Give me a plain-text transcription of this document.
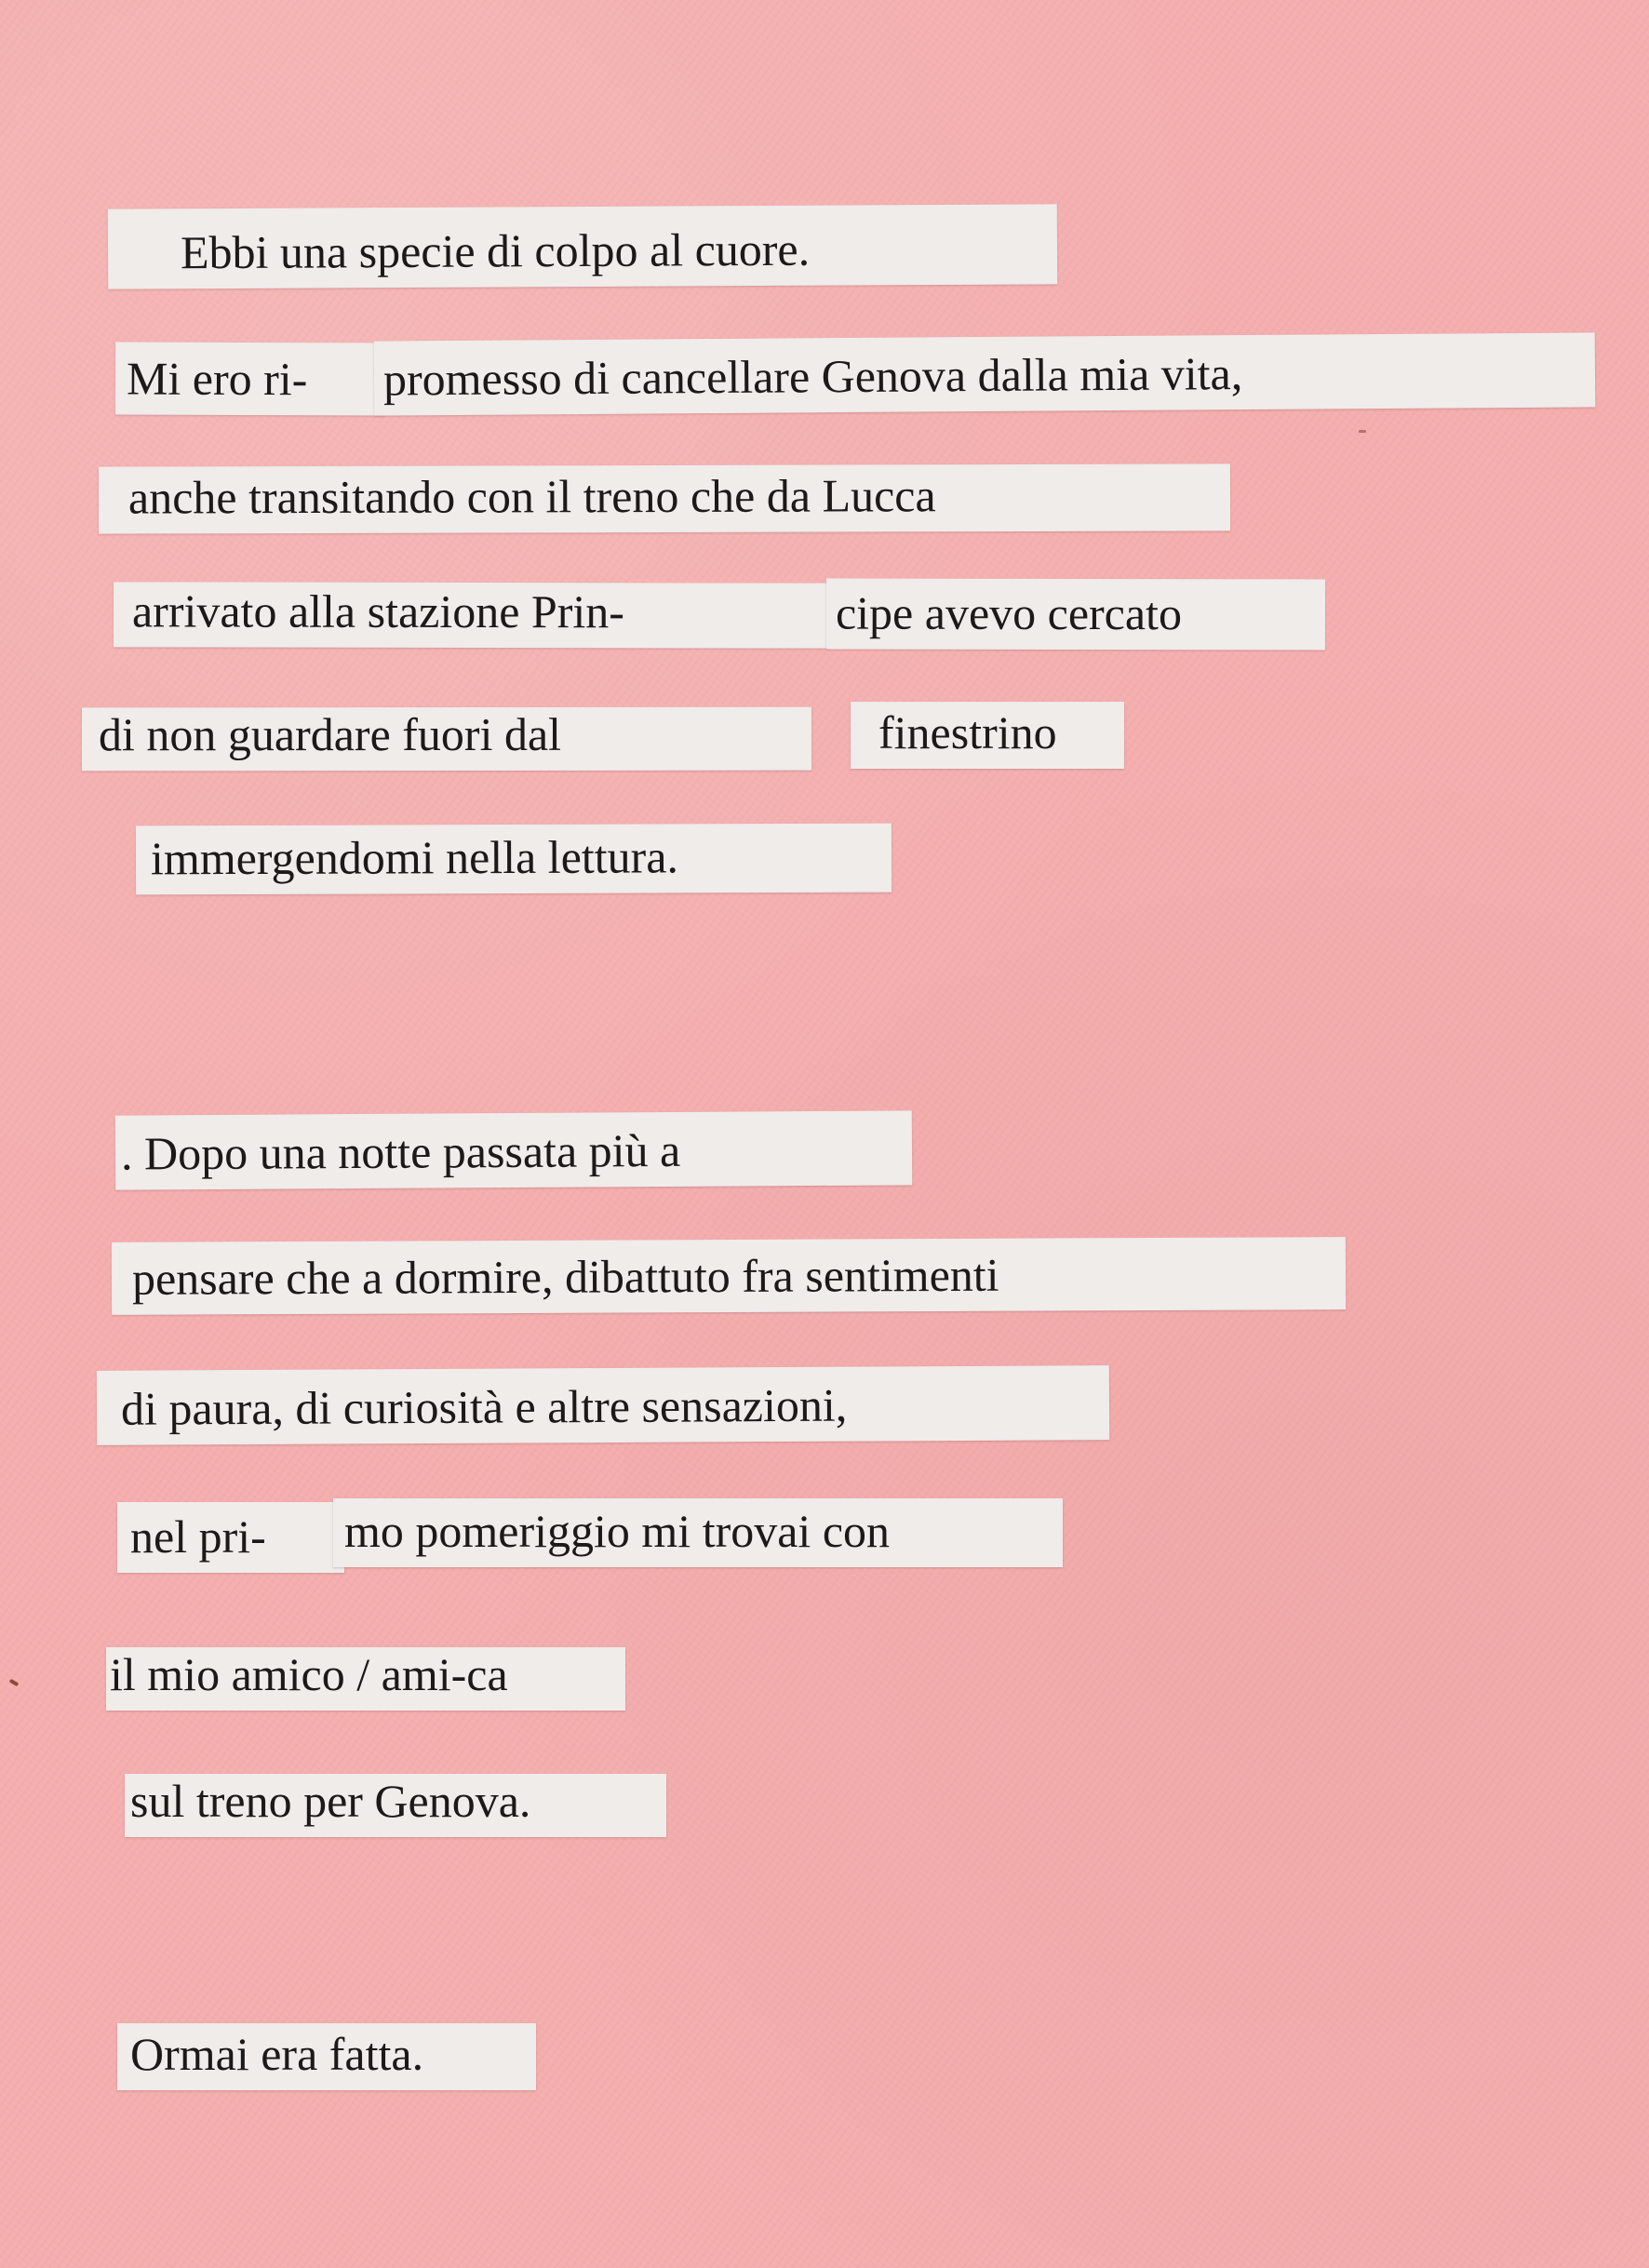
Ebbi una specie di colpo al cuore.
Mi ero ri- promesso di cancellare Genova dalla mia vita,
anche transitando con il treno che da Lucca
arrivato alla stazione Prin-	cipe avevo cercato
di non guardare fuori dal	finestrino
immergendomi nella lettura.
. Dopo una notte passata più a
pensare che a dormire, dibattuto fra sentimenti
di paura, di curiosità e altre sensazioni,
nel pri- mo pomeriggio mi trovai con
il mio amico / ami-ca
sul treno per Genova.
Ormai era fatta.
